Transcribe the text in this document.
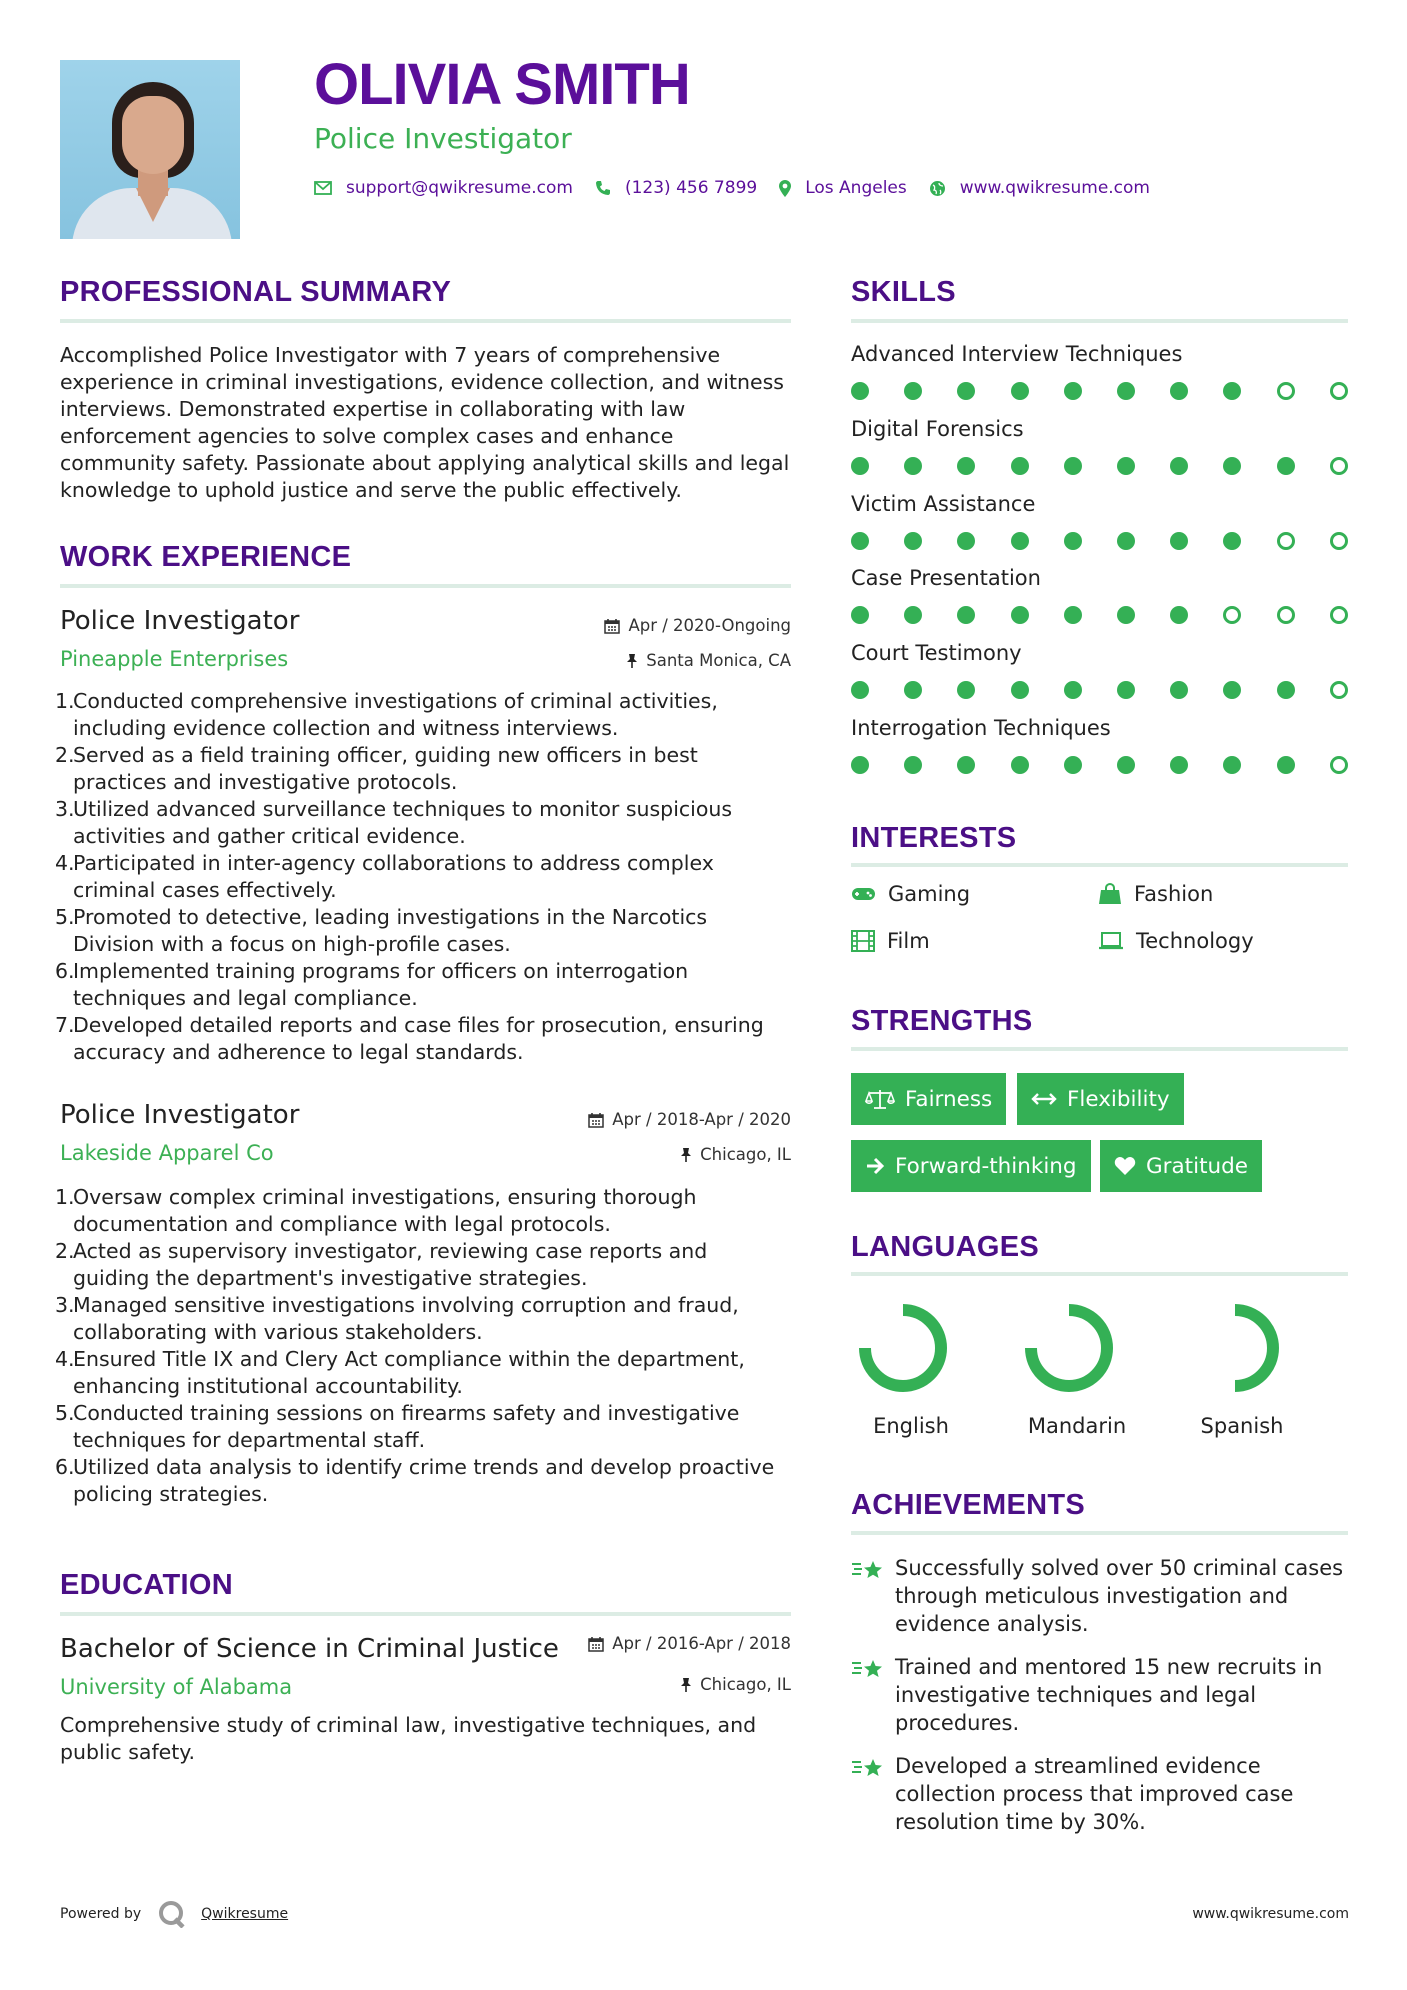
OLIVIA SMITH
Police Investigator
support@qwikresume.com	(123) 456 7899	Los Angeles	www.qwikresume.com
PROFESSIONAL SUMMARY
Accomplished Police Investigator with 7 years of comprehensive
experience in criminal investigations, evidence collection, and witness
interviews. Demonstrated expertise in collaborating with law
enforcement agencies to solve complex cases and enhance
community safety. Passionate about applying analytical skills and legal
knowledge to uphold justice and serve the public effectively.
WORK EXPERIENCE
Police Investigator
Pineapple Enterprises
Apr / 2020-Ongoing
Santa Monica, CA
1.
Conducted comprehensive investigations of criminal activities,
including evidence collection and witness interviews.
2.
Served as a field training officer, guiding new officers in best
practices and investigative protocols.
3.
Utilized advanced surveillance techniques to monitor suspicious
activities and gather critical evidence.
4.
Participated in inter-agency collaborations to address complex
criminal cases effectively.
5.
Promoted to detective, leading investigations in the Narcotics
Division with a focus on high-profile cases.
6.
Implemented training programs for officers on interrogation
techniques and legal compliance.
7.
Developed detailed reports and case files for prosecution, ensuring
accuracy and adherence to legal standards.
Police Investigator
Lakeside Apparel Co
Apr / 2018-Apr / 2020
Chicago, IL
1.
Oversaw complex criminal investigations, ensuring thorough
documentation and compliance with legal protocols.
2.
Acted as supervisory investigator, reviewing case reports and
guiding the department's investigative strategies.
3.
Managed sensitive investigations involving corruption and fraud,
collaborating with various stakeholders.
4.
Ensured Title IX and Clery Act compliance within the department,
enhancing institutional accountability.
5.
Conducted training sessions on firearms safety and investigative
techniques for departmental staff.
6.
Utilized data analysis to identify crime trends and develop proactive
policing strategies.
EDUCATION
Bachelor of Science in Criminal Justice
University of Alabama
Apr / 2016-Apr / 2018
Chicago, IL
Comprehensive study of criminal law, investigative techniques, and
public safety.
SKILLS
Advanced Interview Techniques
Digital Forensics
Victim Assistance
Case Presentation
Court Testimony
Interrogation Techniques
INTERESTS
Gaming	Fashion
Film	Technology
STRENGTHS
Fairness	Flexibility
Forward-thinking	Gratitude
LANGUAGES
English	Mandarin	Spanish
ACHIEVEMENTS
Successfully solved over 50 criminal cases
through meticulous investigation and
evidence analysis.
Trained and mentored 15 new recruits in
investigative techniques and legal
procedures.
Developed a streamlined evidence
collection process that improved case
resolution time by 30%.
Powered by	Qwikresume	www.qwikresume.com
